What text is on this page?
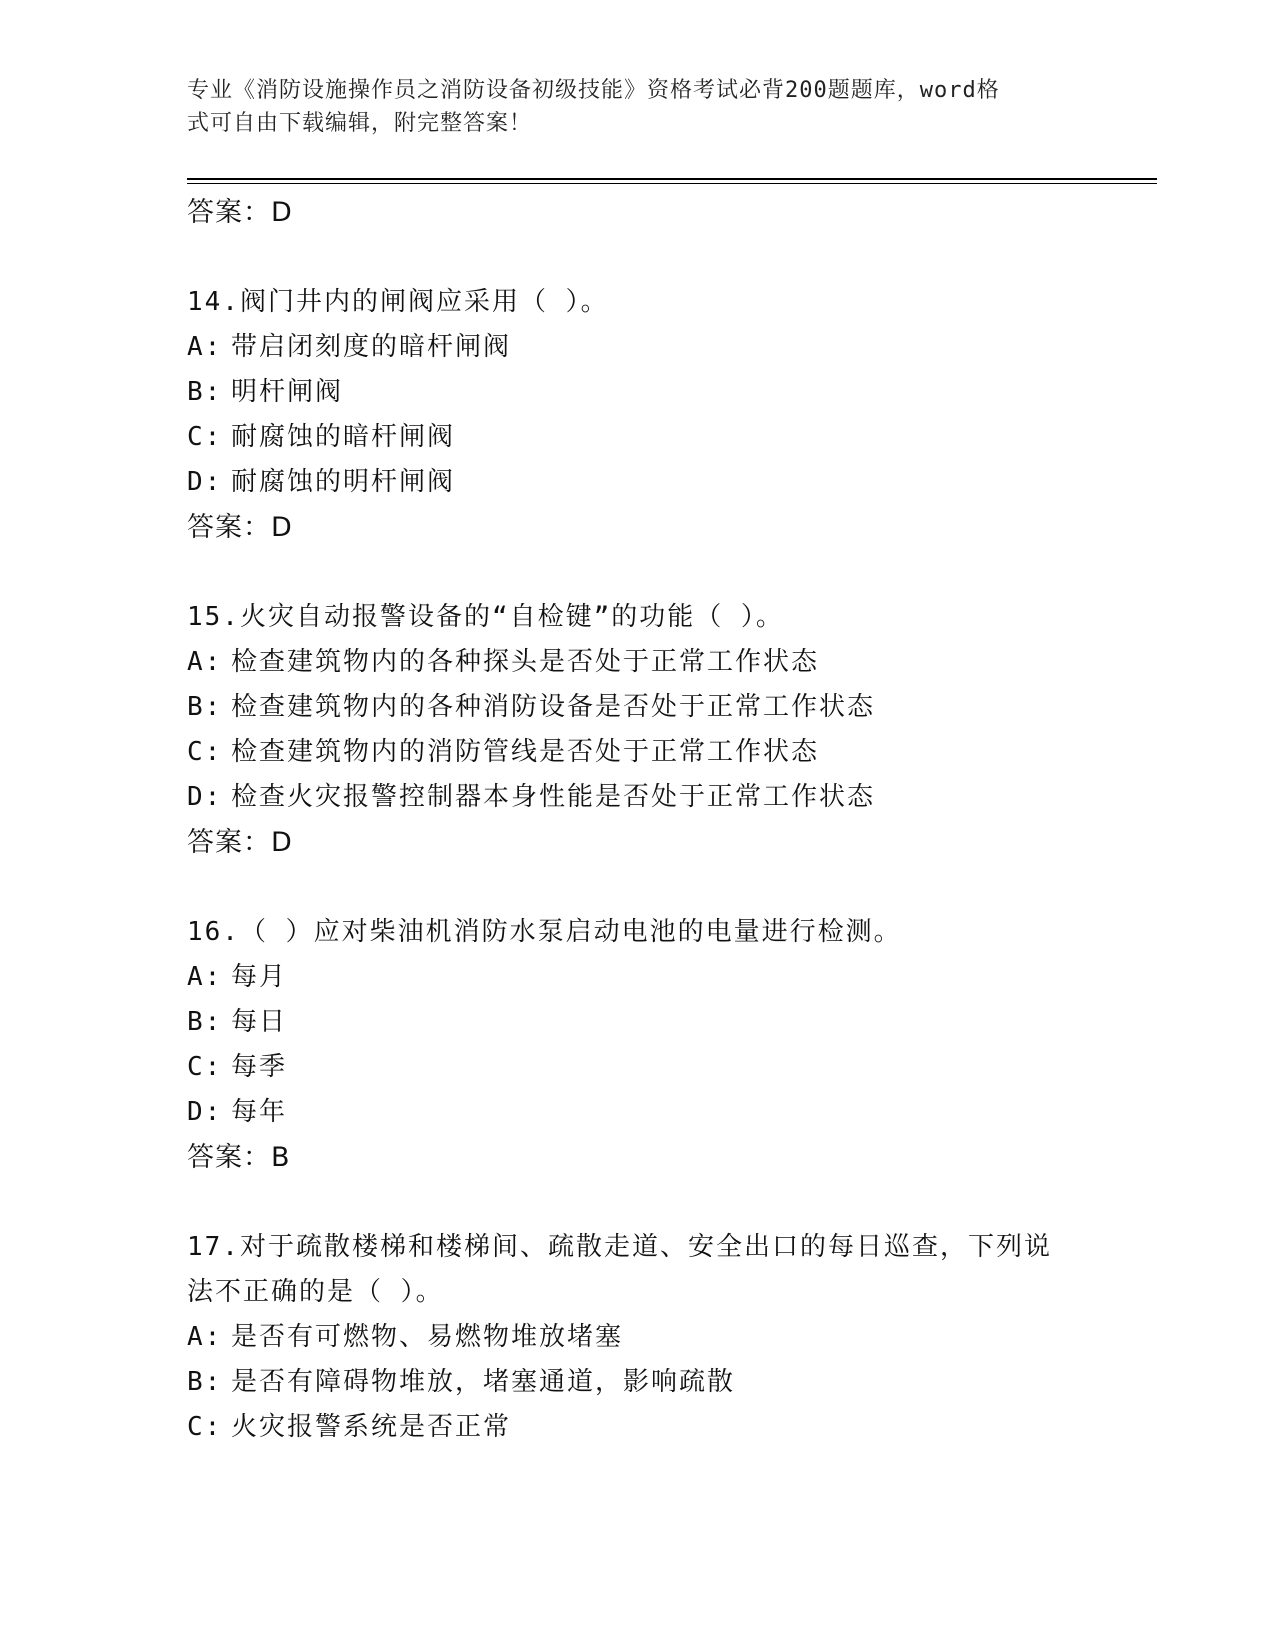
专业《消防设施操作员之消防设备初级技能》资格考试必背200题题库，word格
式可自由下载编辑，附完整答案！
答案：D
14.阀门井内的闸阀应采用（ ）。
A: 带启闭刻度的暗杆闸阀
B: 明杆闸阀
C: 耐腐蚀的暗杆闸阀
D: 耐腐蚀的明杆闸阀
答案：D
15.火灾自动报警设备的“自检键”的功能（ ）。
A: 检查建筑物内的各种探头是否处于正常工作状态
B: 检查建筑物内的各种消防设备是否处于正常工作状态
C: 检查建筑物内的消防管线是否处于正常工作状态
D: 检查火灾报警控制器本身性能是否处于正常工作状态
答案：D
16.（ ）应对柴油机消防水泵启动电池的电量进行检测。
A: 每月
B: 每日
C: 每季
D: 每年
答案：B
17.对于疏散楼梯和楼梯间、疏散走道、安全出口的每日巡查，下列说
法不正确的是（ ）。
A: 是否有可燃物、易燃物堆放堵塞
B: 是否有障碍物堆放，堵塞通道，影响疏散
C: 火灾报警系统是否正常
